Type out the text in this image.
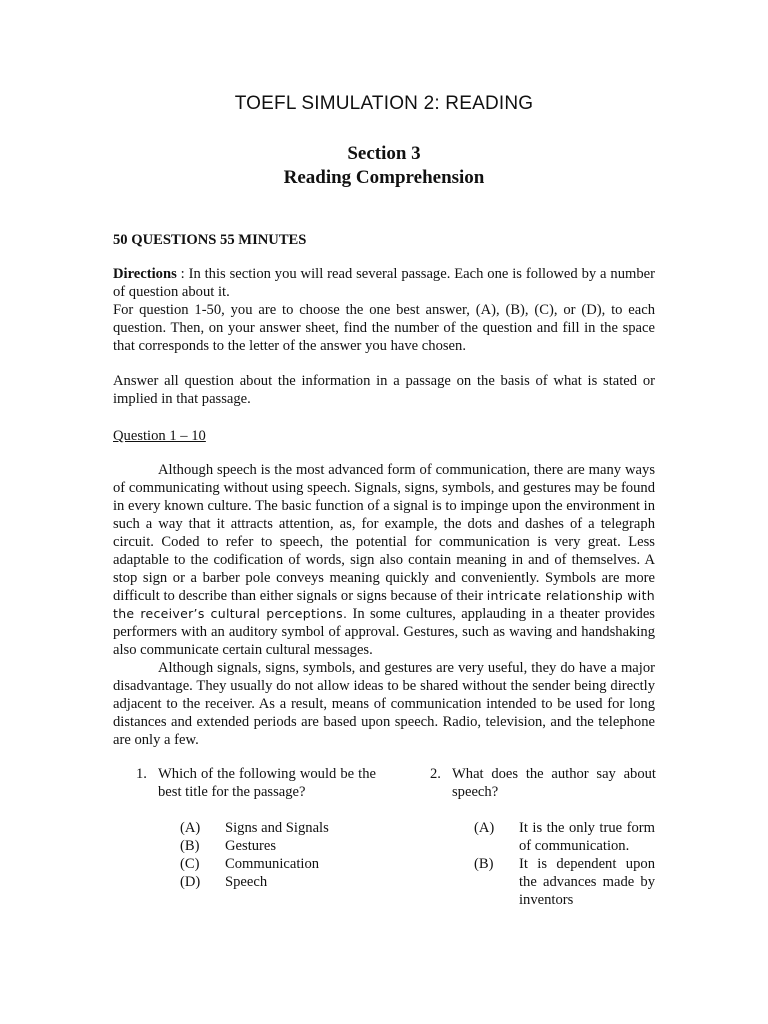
TOEFL SIMULATION 2: READING
Section 3
Reading Comprehension
50 QUESTIONS 55 MINUTES
Directions : In this section you will read several passage. Each one is followed by a number of question about it.
For question 1-50, you are to choose the one best answer, (A), (B), (C), or (D), to each question. Then, on your answer sheet, find the number of the question and fill in the space that corresponds to the letter of the answer you have chosen.
Answer all question about the information in a passage on the basis of what is stated or implied in that passage.
Question 1 – 10

Although speech is the most advanced form of communication, there are many ways of communicating without using speech. Signals, signs, symbols, and gestures may be found in every known culture. The basic function of a signal is to impinge upon the environment in such a way that it attracts attention, as, for example, the dots and dashes of a telegraph circuit. Coded to refer to speech, the potential for communication is very great. Less adaptable to the codification of words, sign also contain meaning in and of themselves. A stop sign or a barber pole conveys meaning quickly and conveniently. Symbols are more difficult to describe than either signals or signs because of their intricate relationship with the receiver’s cultural perceptions. In some cultures, applauding in a theater provides performers with an auditory symbol of approval. Gestures, such as waving and handshaking also communicate certain cultural messages.

Although signals, signs, symbols, and gestures are very useful, they do have a major disadvantage. They usually do not allow ideas to be shared without the sender being directly adjacent to the receiver. As a result, means of communication intended to be used for long distances and extended periods are based upon speech. Radio, television, and the telephone are only a few.

1. Which of the following would be the best title for the passage?
(A)	Signs and Signals
(B)	Gestures
(C)	Communication
(D)	Speech
2. What does the author say about speech?
(A)	It is the only true form of communication.
(B)	It is dependent upon the advances made by inventors
